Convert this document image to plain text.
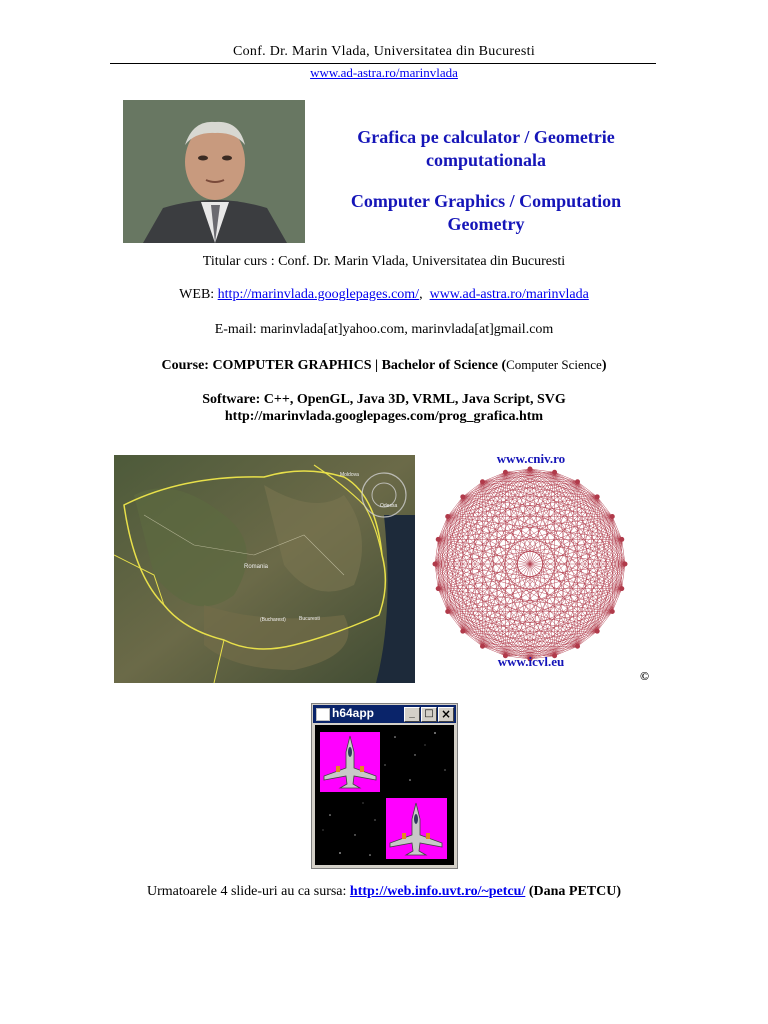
Conf. Dr. Marin Vlada, Universitatea din Bucuresti
www.ad-astra.ro/marinvlada
Grafica pe calculator / Geometrie
computationala
Computer Graphics / Computation
Geometry
Titular curs : Conf. Dr. Marin Vlada, Universitatea din Bucuresti
WEB: http://marinvlada.googlepages.com/, www.ad-astra.ro/marinvlada
E-mail: marinvlada[at]yahoo.com, marinvlada[at]gmail.com
Course: COMPUTER GRAPHICS | Bachelor of Science (Computer Science)
Software: C++, OpenGL, Java 3D, VRML, Java Script, SVG
http://marinvlada.googlepages.com/prog_grafica.htm
Romania
Moldova
Bucuresti
(Bucharest)
Odessa
www.cniv.ro
www.icvl.eu
©
h64app	_ □ ×
Urmatoarele 4 slide-uri au ca sursa: http://web.info.uvt.ro/~petcu/ (Dana PETCU)
